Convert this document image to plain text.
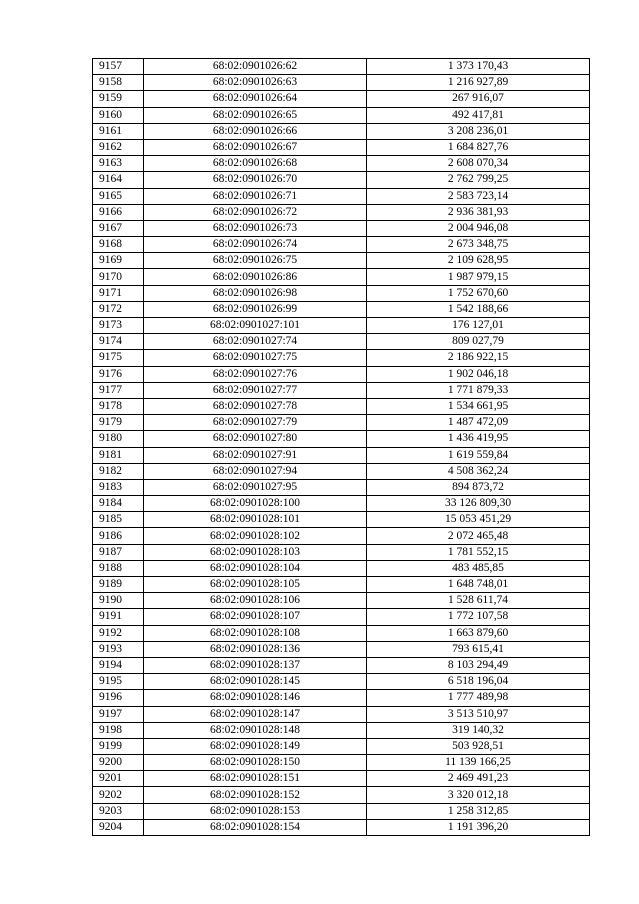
9157	68:02:0901026:62	1 373 170,43
9158	68:02:0901026:63	1 216 927,89
9159	68:02:0901026:64	267 916,07
9160	68:02:0901026:65	492 417,81
9161	68:02:0901026:66	3 208 236,01
9162	68:02:0901026:67	1 684 827,76
9163	68:02:0901026:68	2 608 070,34
9164	68:02:0901026:70	2 762 799,25
9165	68:02:0901026:71	2 583 723,14
9166	68:02:0901026:72	2 936 381,93
9167	68:02:0901026:73	2 004 946,08
9168	68:02:0901026:74	2 673 348,75
9169	68:02:0901026:75	2 109 628,95
9170	68:02:0901026:86	1 987 979,15
9171	68:02:0901026:98	1 752 670,60
9172	68:02:0901026:99	1 542 188,66
9173	68:02:0901027:101	176 127,01
9174	68:02:0901027:74	809 027,79
9175	68:02:0901027:75	2 186 922,15
9176	68:02:0901027:76	1 902 046,18
9177	68:02:0901027:77	1 771 879,33
9178	68:02:0901027:78	1 534 661,95
9179	68:02:0901027:79	1 487 472,09
9180	68:02:0901027:80	1 436 419,95
9181	68:02:0901027:91	1 619 559,84
9182	68:02:0901027:94	4 508 362,24
9183	68:02:0901027:95	894 873,72
9184	68:02:0901028:100	33 126 809,30
9185	68:02:0901028:101	15 053 451,29
9186	68:02:0901028:102	2 072 465,48
9187	68:02:0901028:103	1 781 552,15
9188	68:02:0901028:104	483 485,85
9189	68:02:0901028:105	1 648 748,01
9190	68:02:0901028:106	1 528 611,74
9191	68:02:0901028:107	1 772 107,58
9192	68:02:0901028:108	1 663 879,60
9193	68:02:0901028:136	793 615,41
9194	68:02:0901028:137	8 103 294,49
9195	68:02:0901028:145	6 518 196,04
9196	68:02:0901028:146	1 777 489,98
9197	68:02:0901028:147	3 513 510,97
9198	68:02:0901028:148	319 140,32
9199	68:02:0901028:149	503 928,51
9200	68:02:0901028:150	11 139 166,25
9201	68:02:0901028:151	2 469 491,23
9202	68:02:0901028:152	3 320 012,18
9203	68:02:0901028:153	1 258 312,85
9204	68:02:0901028:154	1 191 396,20
